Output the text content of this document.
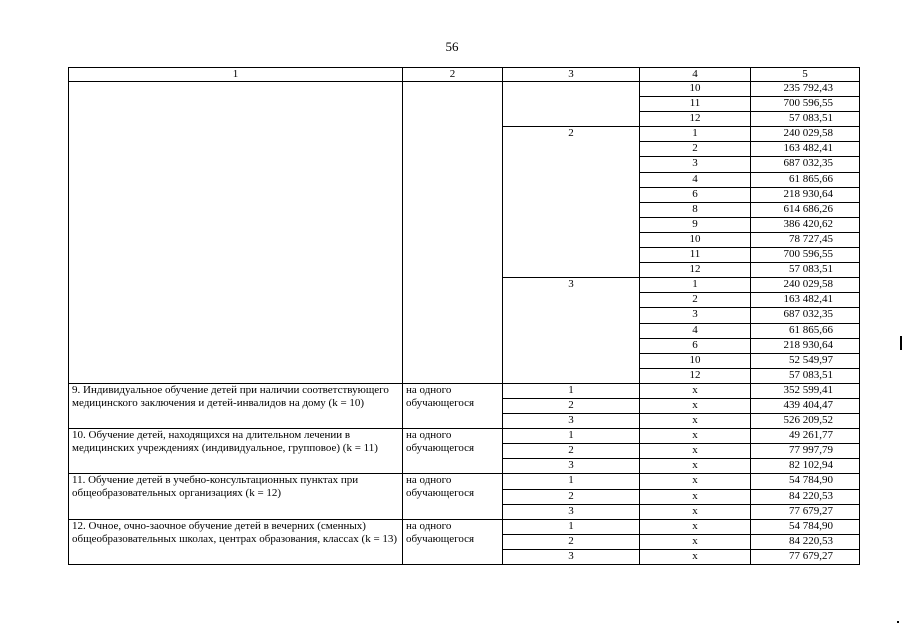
56
1	2	3	4	5
			10	235 792,43
			11	700 596,55
			12	57 083,51
		2	1	240 029,58
			2	163 482,41
			3	687 032,35
			4	61 865,66
			6	218 930,64
			8	614 686,26
			9	386 420,62
			10	78 727,45
			11	700 596,55
			12	57 083,51
		3	1	240 029,58
			2	163 482,41
			3	687 032,35
			4	61 865,66
			6	218 930,64
			10	52 549,97
			12	57 083,51
9. Индивидуальное обучение детей при наличии соответствующего медицинского заключения и детей-инвалидов на дому (k = 10)	на одного обучающегося	1	х	352 599,41
		2	х	439 404,47
		3	х	526 209,52
10. Обучение детей, находящихся на длительном лечении в медицинских учреждениях (индивидуальное, групповое) (k = 11)	на одного обучающегося	1	х	49 261,77
		2	х	77 997,79
		3	х	82 102,94
11. Обучение детей в учебно-консультационных пунктах при общеобразовательных организациях (k = 12)	на одного обучающегося	1	х	54 784,90
		2	х	84 220,53
		3	х	77 679,27
12. Очное, очно-заочное обучение детей в вечерних (сменных) общеобразовательных школах, центрах образования, классах (k = 13)	на одного обучающегося	1	х	54 784,90
		2	х	84 220,53
		3	х	77 679,27
